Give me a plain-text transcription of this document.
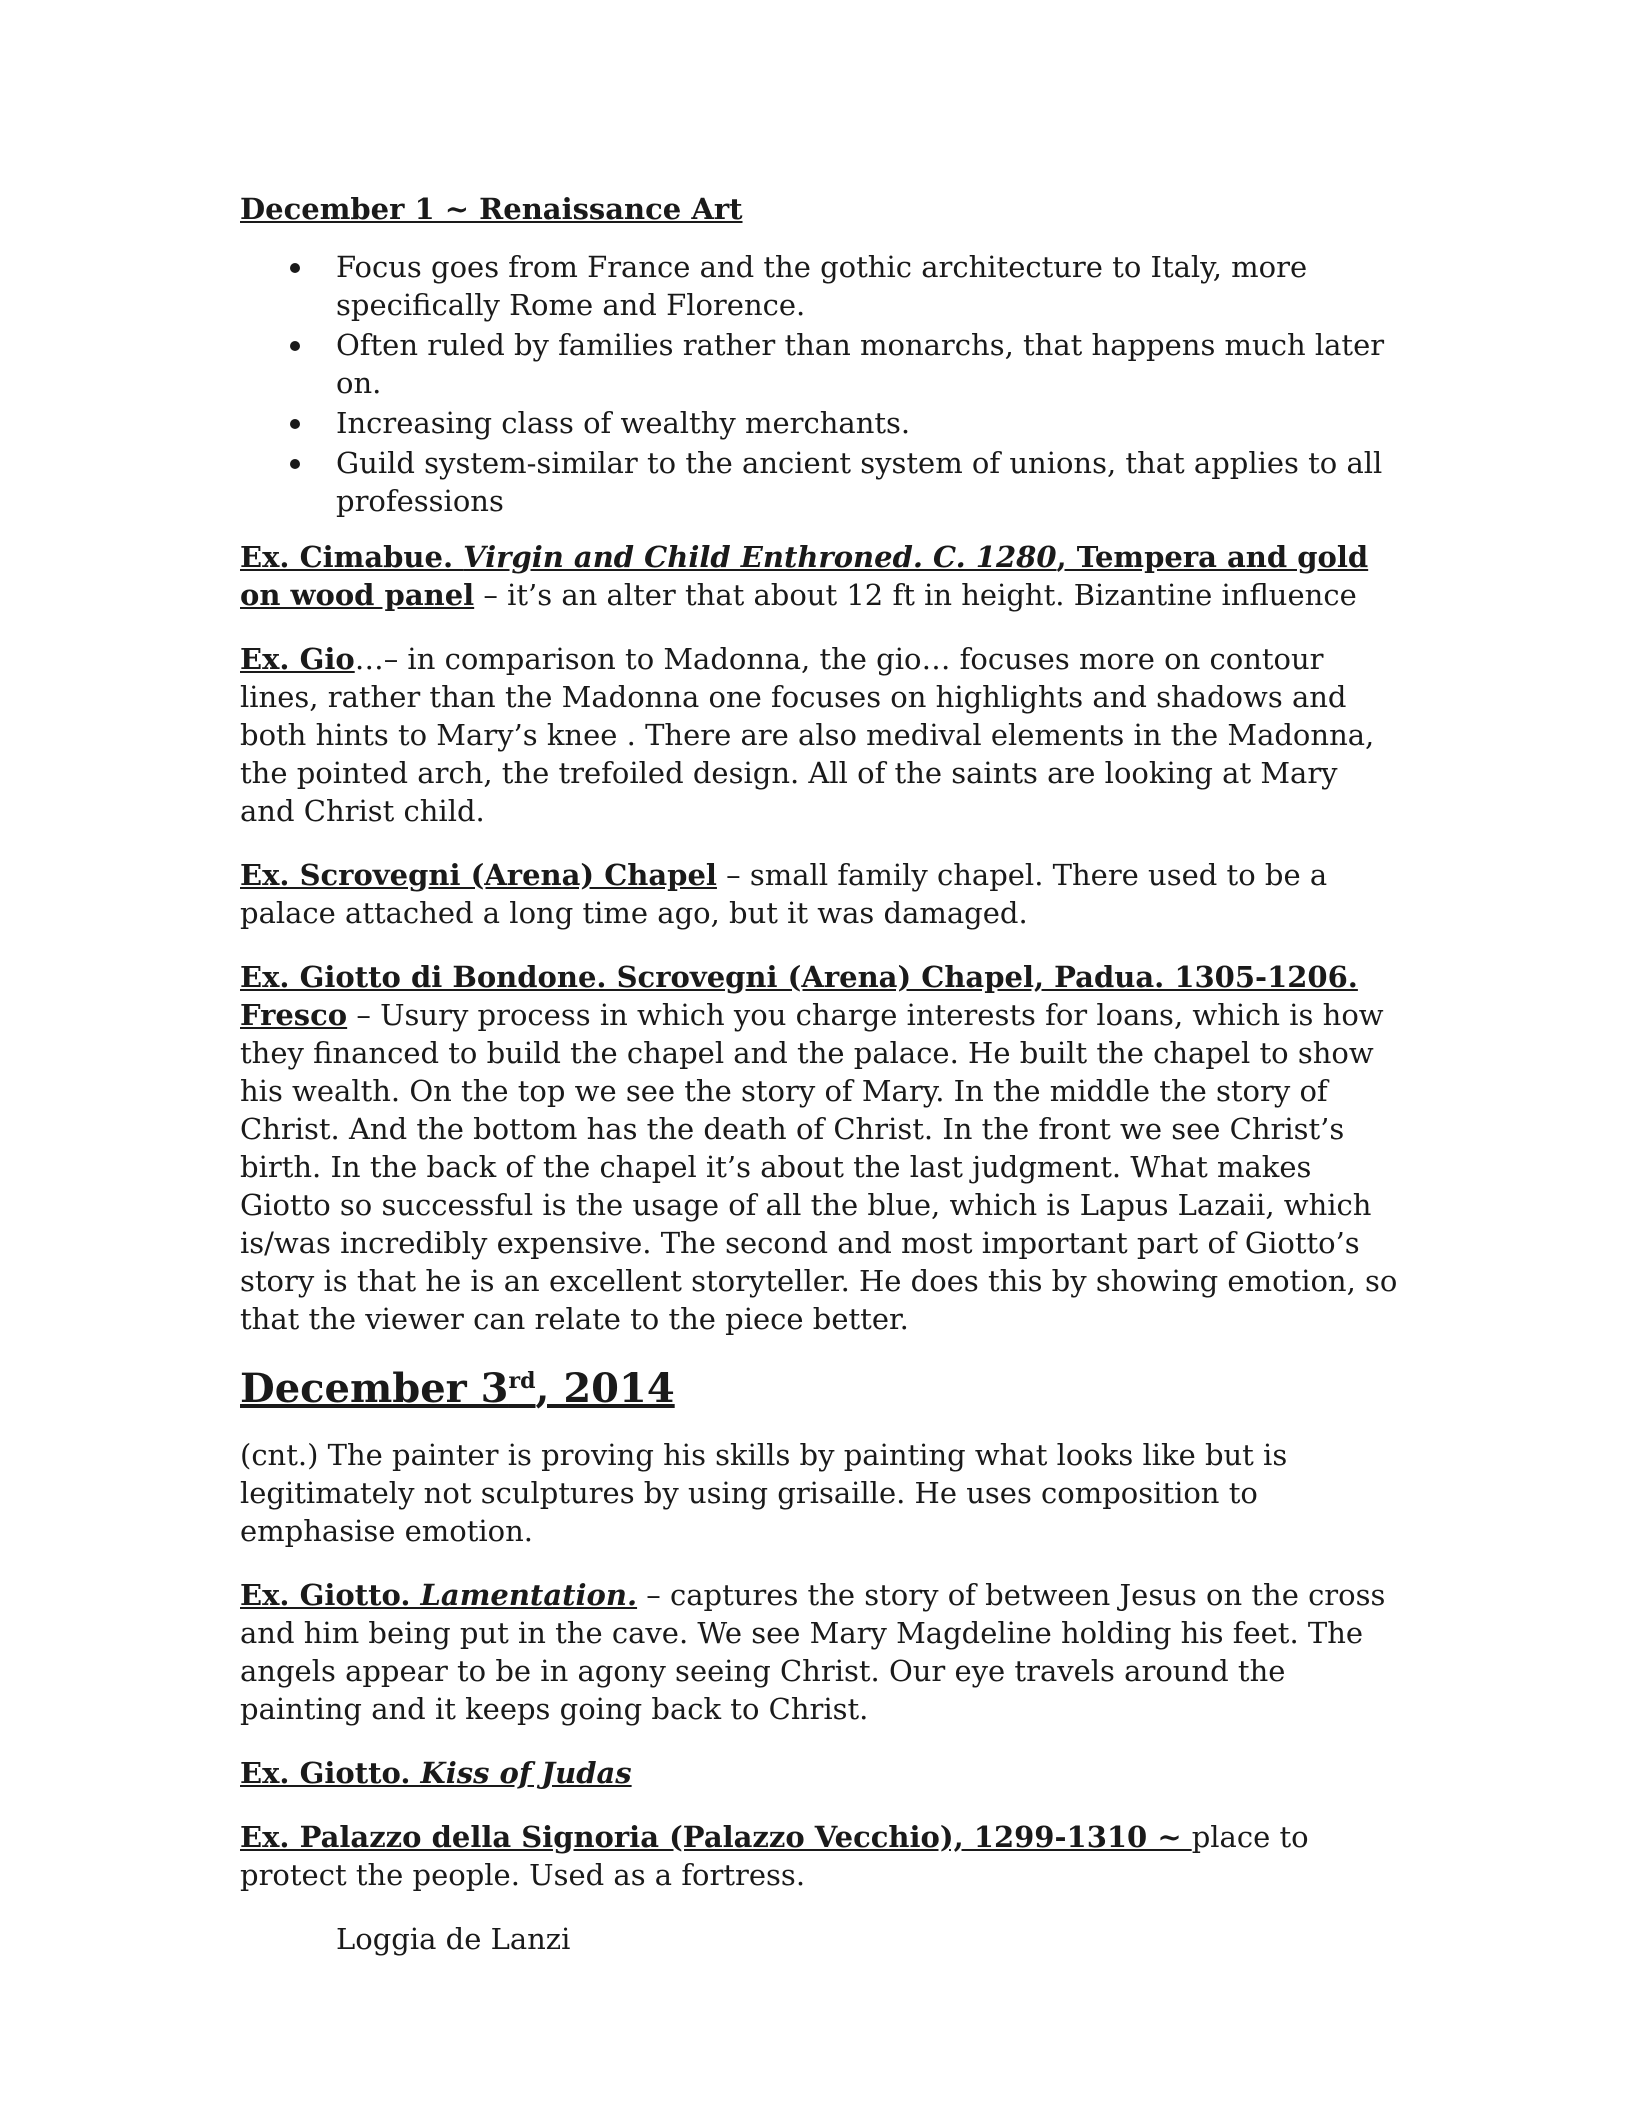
December 1 ~ Renaissance Art
Focus goes from France and the gothic architecture to Italy, more specifically Rome and Florence.
Often ruled by families rather than monarchs, that happens much later on.
Increasing class of wealthy merchants.
Guild system-similar to the ancient system of unions, that applies to all professions

Ex. Cimabue. Virgin and Child Enthroned. C. 1280, Tempera and gold on wood panel – it’s an alter that about 12 ft in height. Bizantine influence

Ex. Gio…– in comparison to Madonna, the gio… focuses more on contour lines, rather than the Madonna one focuses on highlights and shadows and both hints to Mary’s knee . There are also medival elements in the Madonna, the pointed arch, the trefoiled design. All of the saints are looking at Mary and Christ child.

Ex. Scrovegni (Arena) Chapel – small family chapel. There used to be a palace attached a long time ago, but it was damaged.

Ex. Giotto di Bondone. Scrovegni (Arena) Chapel, Padua. 1305-1206. Fresco – Usury process in which you charge interests for loans, which is how they financed to build the chapel and the palace. He built the chapel to show his wealth. On the top we see the story of Mary. In the middle the story of Christ. And the bottom has the death of Christ. In the front we see Christ’s birth. In the back of the chapel it’s about the last judgment. What makes Giotto so successful is the usage of all the blue, which is Lapus Lazaii, which is/was incredibly expensive. The second and most important part of Giotto’s story is that he is an excellent storyteller. He does this by showing emotion, so that the viewer can relate to the piece better.

December 3rd, 2014

(cnt.) The painter is proving his skills by painting what looks like but is legitimately not sculptures by using grisaille. He uses composition to emphasise emotion.

Ex. Giotto. Lamentation. – captures the story of between Jesus on the cross and him being put in the cave. We see Mary Magdeline holding his feet. The angels appear to be in agony seeing Christ. Our eye travels around the painting and it keeps going back to Christ.

Ex. Giotto. Kiss of Judas

Ex. Palazzo della Signoria (Palazzo Vecchio), 1299-1310 ~ place to protect the people. Used as a fortress.

Loggia de Lanzi
